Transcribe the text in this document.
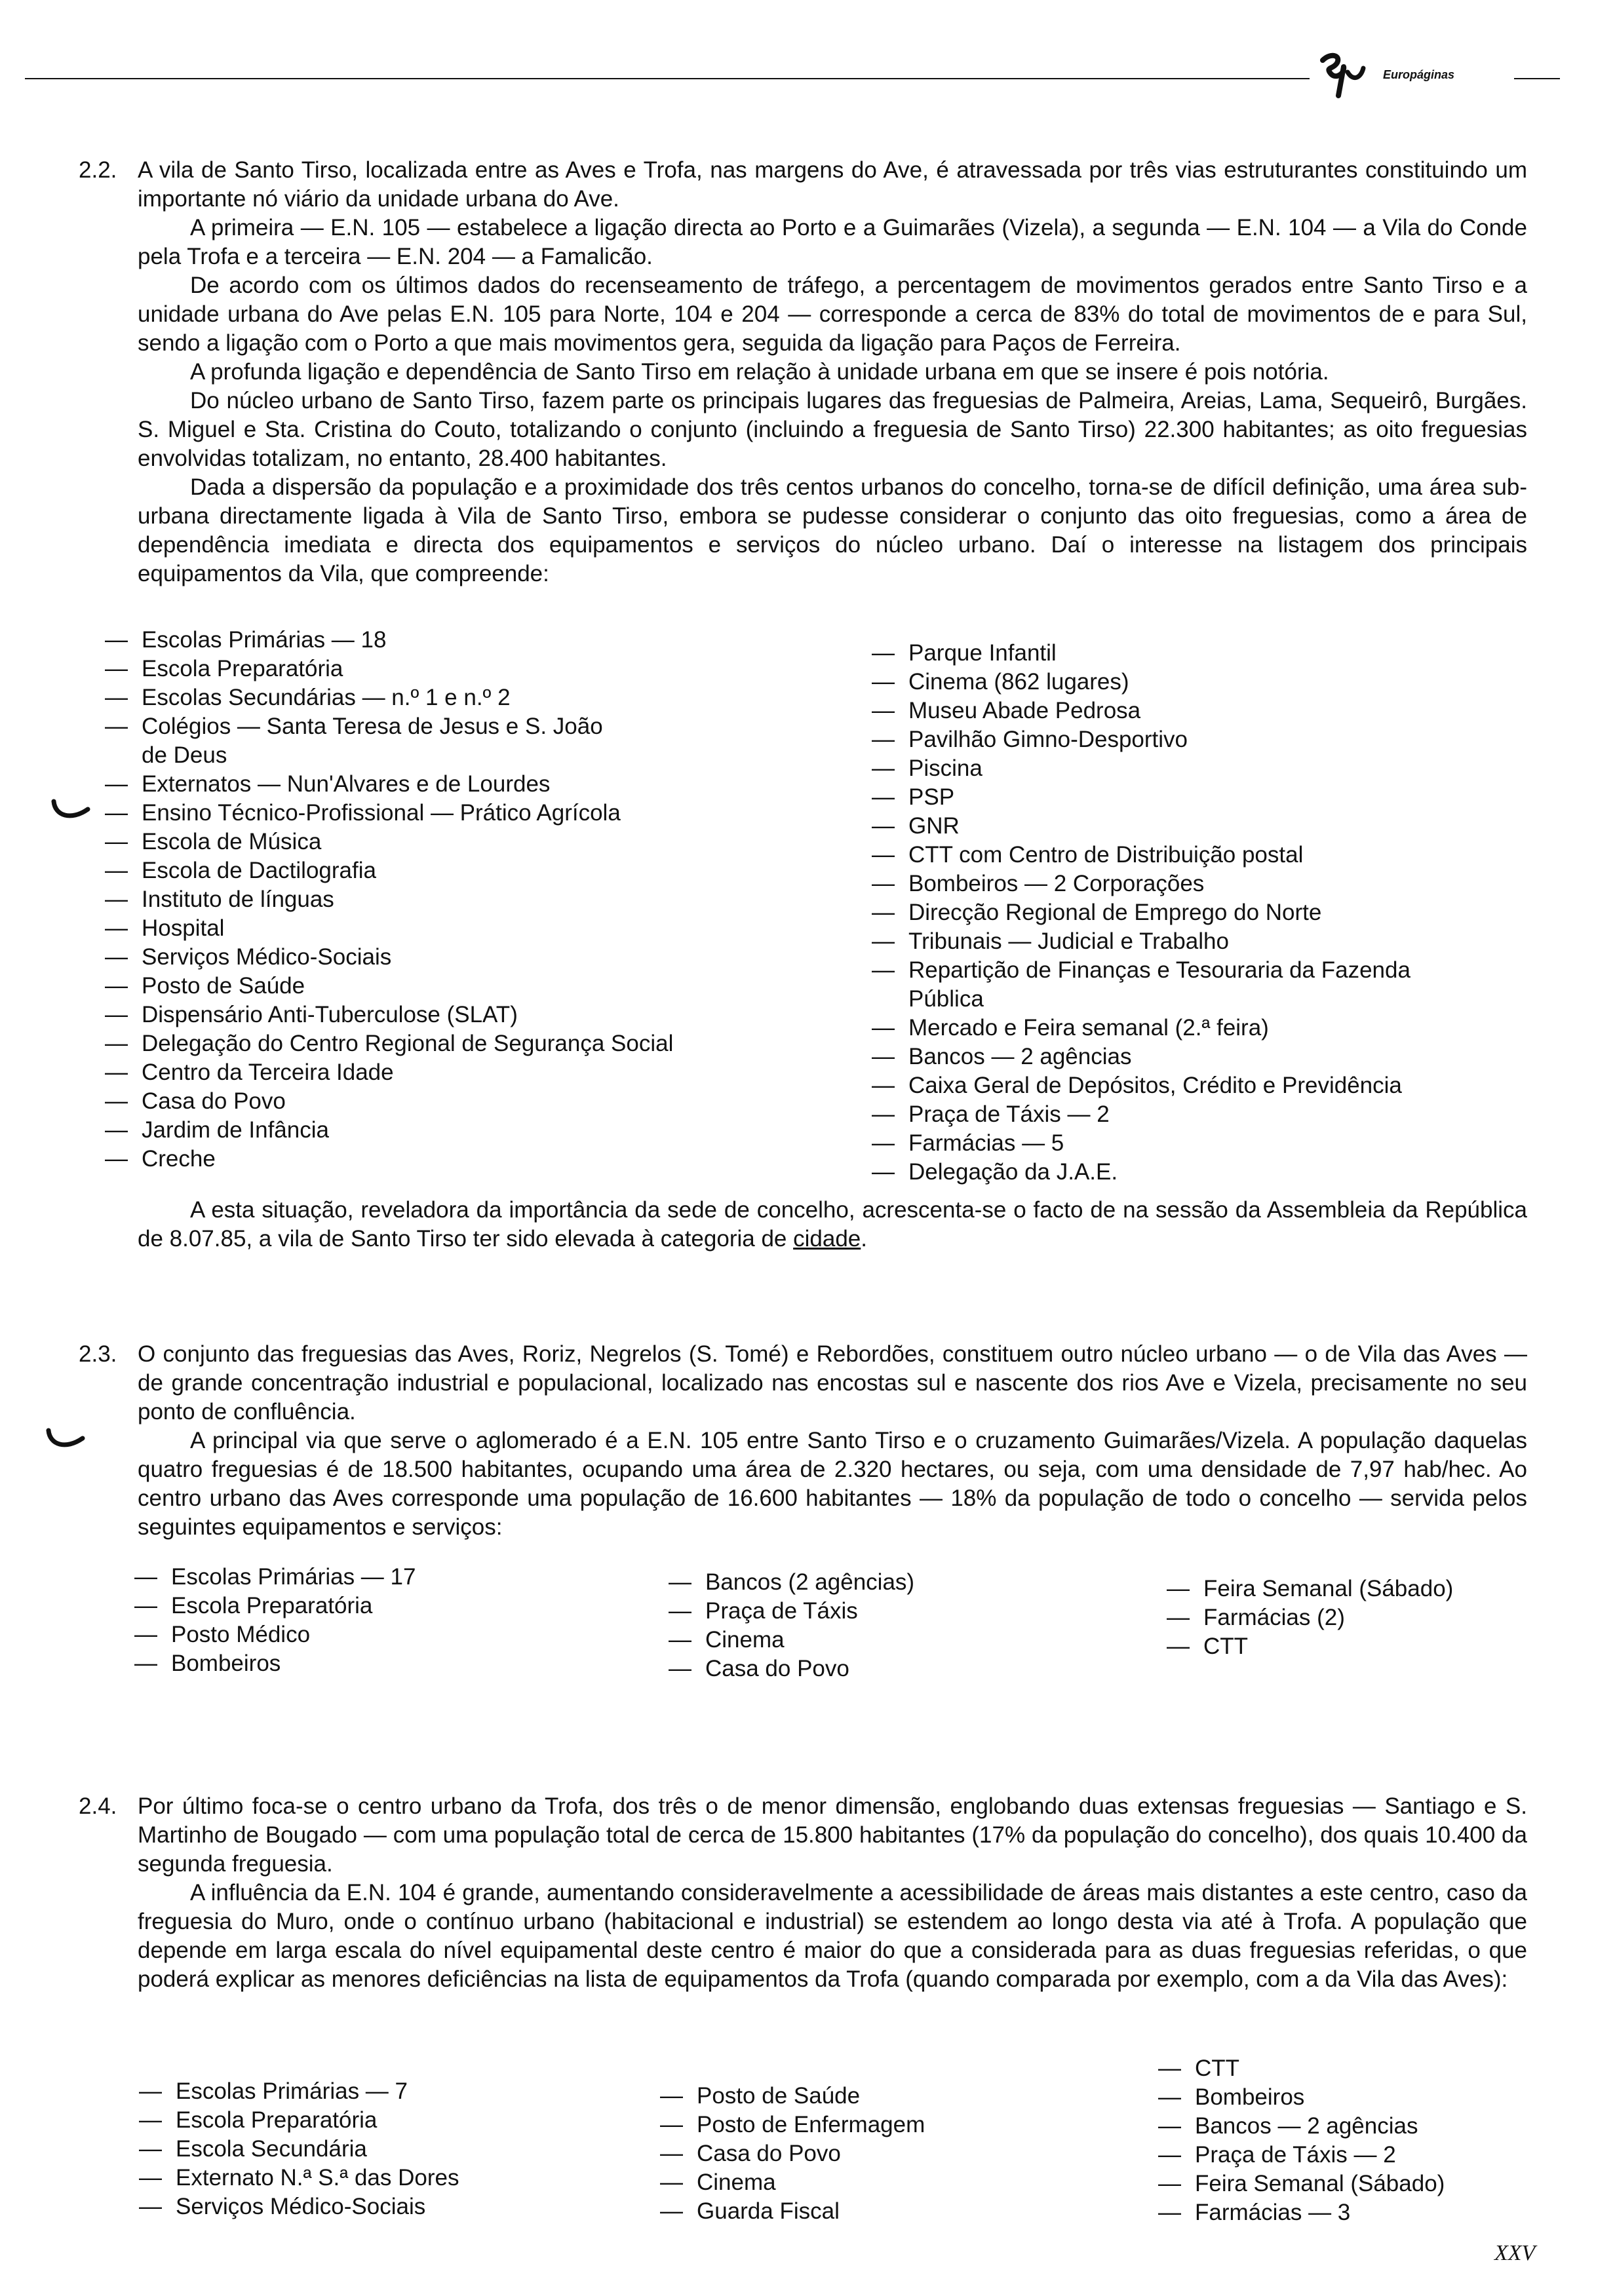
Europáginas
2.2. A vila de Santo Tirso, localizada entre as Aves e Trofa, nas margens do Ave, é atravessada por três vias estruturantes constituindo um importante nó viário da unidade urbana do Ave.

A primeira — E.N. 105 — estabelece a ligação directa ao Porto e a Guimarães (Vizela), a segunda — E.N. 104 — a Vila do Conde pela Trofa e a terceira — E.N. 204 — a Famalicão.

De acordo com os últimos dados do recenseamento de tráfego, a percentagem de movimentos gerados entre Santo Tirso e a unidade urbana do Ave pelas E.N. 105 para Norte, 104 e 204 — corresponde a cerca de 83% do total de movimentos de e para Sul, sendo a ligação com o Porto a que mais movimentos gera, seguida da ligação para Paços de Ferreira.

A profunda ligação e dependência de Santo Tirso em relação à unidade urbana em que se insere é pois notória.

Do núcleo urbano de Santo Tirso, fazem parte os principais lugares das freguesias de Palmeira, Areias, Lama, Sequeirô, Burgães. S. Miguel e Sta. Cristina do Couto, totalizando o conjunto (incluindo a freguesia de Santo Tirso) 22.300 habitantes; as oito freguesias envolvidas totalizam, no entanto, 28.400 habitantes.

Dada a dispersão da população e a proximidade dos três centos urbanos do concelho, torna-se de difícil definição, uma área sub-urbana directamente ligada à Vila de Santo Tirso, embora se pudesse considerar o conjunto das oito freguesias, como a área de dependência imediata e directa dos equipamentos e serviços do núcleo urbano. Daí o interesse na listagem dos principais equipamentos da Vila, que compreende:

— Escolas Primárias — 18
— Escola Preparatória
— Escolas Secundárias — n.º 1 e n.º 2
— Colégios — Santa Teresa de Jesus e S. João
de Deus
— Externatos — Nun'Alvares e de Lourdes
— Ensino Técnico-Profissional — Prático Agrícola
— Escola de Música
— Escola de Dactilografia
— Instituto de línguas
— Hospital
— Serviços Médico-Sociais
— Posto de Saúde
— Dispensário Anti-Tuberculose (SLAT)
— Delegação do Centro Regional de Segurança Social
— Centro da Terceira Idade
— Casa do Povo
— Jardim de Infância
— Creche
— Parque Infantil
— Cinema (862 lugares)
— Museu Abade Pedrosa
— Pavilhão Gimno-Desportivo
— Piscina
— PSP
— GNR
— CTT com Centro de Distribuição postal
— Bombeiros — 2 Corporações
— Direcção Regional de Emprego do Norte
— Tribunais — Judicial e Trabalho
— Repartição de Finanças e Tesouraria da Fazenda
Pública
— Mercado e Feira semanal (2.ª feira)
— Bancos — 2 agências
— Caixa Geral de Depósitos, Crédito e Previdência
— Praça de Táxis — 2
— Farmácias — 5
— Delegação da J.A.E.

A esta situação, reveladora da importância da sede de concelho, acrescenta-se o facto de na sessão da Assembleia da República de 8.07.85, a vila de Santo Tirso ter sido elevada à categoria de cidade.

2.3. O conjunto das freguesias das Aves, Roriz, Negrelos (S. Tomé) e Rebordões, constituem outro núcleo urbano — o de Vila das Aves — de grande concentração industrial e populacional, localizado nas encostas sul e nascente dos rios Ave e Vizela, precisamente no seu ponto de confluência.

A principal via que serve o aglomerado é a E.N. 105 entre Santo Tirso e o cruzamento Guimarães/Vizela. A população daquelas quatro freguesias é de 18.500 habitantes, ocupando uma área de 2.320 hectares, ou seja, com uma densidade de 7,97 hab/hec. Ao centro urbano das Aves corresponde uma população de 16.600 habitantes — 18% da população de todo o concelho — servida pelos seguintes equipamentos e serviços:

— Escolas Primárias — 17
— Escola Preparatória
— Posto Médico
— Bombeiros
— Bancos (2 agências)
— Praça de Táxis
— Cinema
— Casa do Povo
— Feira Semanal (Sábado)
— Farmácias (2)
— CTT
2.4. Por último foca-se o centro urbano da Trofa, dos três o de menor dimensão, englobando duas extensas freguesias — Santiago e S. Martinho de Bougado — com uma população total de cerca de 15.800 habitantes (17% da população do concelho), dos quais 10.400 da segunda freguesia.

A influência da E.N. 104 é grande, aumentando consideravelmente a acessibilidade de áreas mais distantes a este centro, caso da freguesia do Muro, onde o contínuo urbano (habitacional e industrial) se estendem ao longo desta via até à Trofa. A população que depende em larga escala do nível equipamental deste centro é maior do que a considerada para as duas freguesias referidas, o que poderá explicar as menores deficiências na lista de equipamentos da Trofa (quando comparada por exemplo, com a da Vila das Aves):

— Escolas Primárias — 7
— Escola Preparatória
— Escola Secundária
— Externato N.ª S.ª das Dores
— Serviços Médico-Sociais
— Posto de Saúde
— Posto de Enfermagem
— Casa do Povo
— Cinema
— Guarda Fiscal
— CTT
— Bombeiros
— Bancos — 2 agências
— Praça de Táxis — 2
— Feira Semanal (Sábado)
— Farmácias — 3
XXV
